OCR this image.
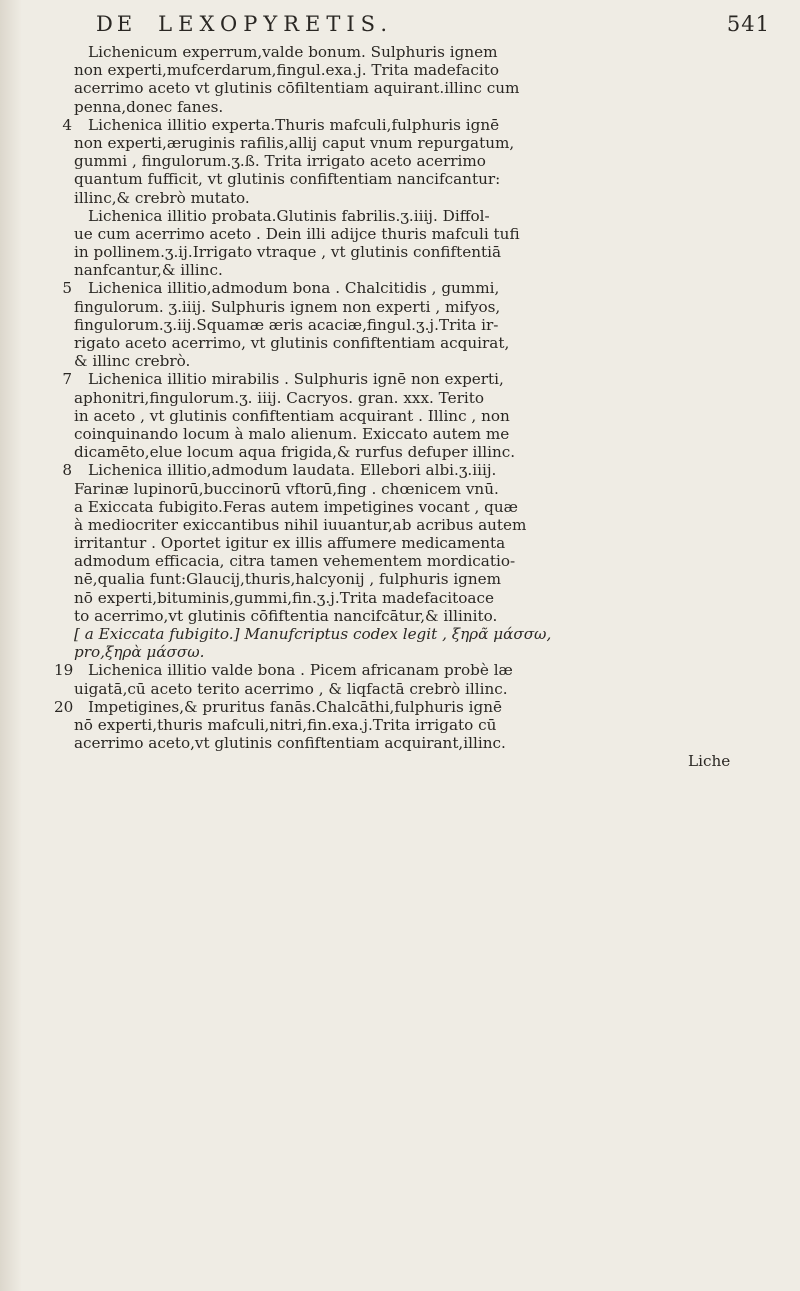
DE LEXOPYRETIS.	541
Lichenicum experrum,valde bonum. Sulphuris ignem
non experti,mufcerdarum,fingul.exa.j. Trita madefacito
acerrimo aceto vt glutinis cōfiltentiam aquirant.illinc cum
penna,donec fanes.
4 Lichenica illitio experta.Thuris mafculi,fulphuris ignē
non experti,æruginis rafilis,allij caput vnum repurgatum,
gummi , fingulorum.ʒ.ß. Trita irrigato aceto acerrimo
quantum fufficit, vt glutinis confiftentiam nancifcantur:
illinc,& crebrò mutato.
Lichenica illitio probata.Glutinis fabrilis.ʒ.iiij. Diffol-
ue cum acerrimo aceto . Dein illi adijce thuris mafculi tufi
in pollinem.ʒ.ij.Irrigato vtraque , vt glutinis confiftentiā
nanfcantur,& illinc.
5 Lichenica illitio,admodum bona . Chalcitidis , gummi,
fingulorum. ʒ.iiij. Sulphuris ignem non experti , mifyos,
fingulorum.ʒ.iij.Squamæ æris acaciæ,fingul.ʒ.j.Trita ir-
rigato aceto acerrimo, vt glutinis confiftentiam acquirat,
& illinc crebrò.
7 Lichenica illitio mirabilis . Sulphuris ignē non experti,
aphonitri,fingulorum.ʒ. iiij. Cacryos. gran. xxx. Terito
in aceto , vt glutinis confiftentiam acquirant . Illinc , non
coinquinando locum à malo alienum. Exiccato autem me
dicamēto,elue locum aqua frigida,& rurfus defuper illinc.
8 Lichenica illitio,admodum laudata. Ellebori albi.ʒ.iiij.
Farinæ lupinorū,buccinorū vftorū,fing . chœnicem vnū.
a Exiccata fubigito.Feras autem impetigines vocant , quæ
à mediocriter exiccantibus nihil iuuantur,ab acribus autem
irritantur . Oportet igitur ex illis affumere medicamenta
admodum efficacia, citra tamen vehementem mordicatio-
nē,qualia funt:Glaucij,thuris,halcyonij , fulphuris ignem
nō experti,bituminis,gummi,fin.ʒ.j.Trita madefacitoace
to acerrimo,vt glutinis cōfiftentia nancifcātur,& illinito.
[ a Exiccata fubigito.] Manufcriptus codex legit , ξηρᾶ μάσσω,
pro,ξηρὰ μάσσω.
19 Lichenica illitio valde bona . Picem africanam probè læ
uigatā,cū aceto terito acerrimo , & liqfactā crebrò illinc.
20 Impetigines,& pruritus fanās.Chalcāthi,fulphuris ignē
nō experti,thuris mafculi,nitri,fin.exa.j.Trita irrigato cū
acerrimo aceto,vt glutinis confiftentiam acquirant,illinc.
Liche
